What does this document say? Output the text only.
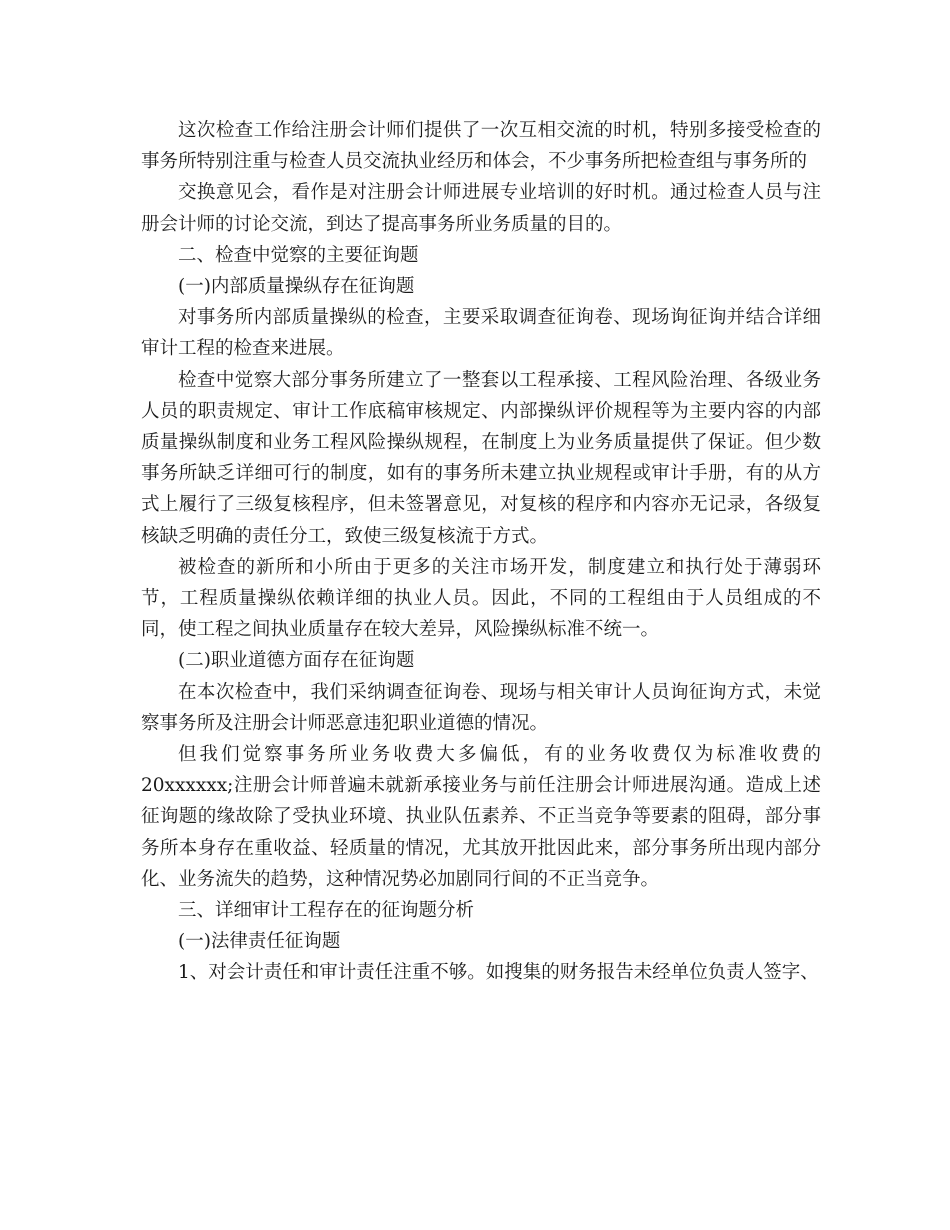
这次检查工作给注册会计师们提供了一次互相交流的时机，特别多接受检查的事务所特别注重与检查人员交流执业经历和体会，不少事务所把检查组与事务所的

交换意见会，看作是对注册会计师进展专业培训的好时机。通过检查人员与注册会计师的讨论交流，到达了提高事务所业务质量的目的。

二、检查中觉察的主要征询题

(一)内部质量操纵存在征询题

对事务所内部质量操纵的检查，主要采取调查征询卷、现场询征询并结合详细审计工程的检查来进展。

检查中觉察大部分事务所建立了一整套以工程承接、工程风险治理、各级业务人员的职责规定、审计工作底稿审核规定、内部操纵评价规程等为主要内容的内部质量操纵制度和业务工程风险操纵规程，在制度上为业务质量提供了保证。但少数事务所缺乏详细可行的制度，如有的事务所未建立执业规程或审计手册，有的从方式上履行了三级复核程序，但未签署意见，对复核的程序和内容亦无记录，各级复核缺乏明确的责任分工，致使三级复核流于方式。

被检查的新所和小所由于更多的关注市场开发，制度建立和执行处于薄弱环节，工程质量操纵依赖详细的执业人员。因此，不同的工程组由于人员组成的不同，使工程之间执业质量存在较大差异，风险操纵标准不统一。

(二)职业道德方面存在征询题

在本次检查中，我们采纳调查征询卷、现场与相关审计人员询征询方式，未觉察事务所及注册会计师恶意违犯职业道德的情况。

但我们觉察事务所业务收费大多偏低，有的业务收费仅为标准收费的20xxxxxx;注册会计师普遍未就新承接业务与前任注册会计师进展沟通。造成上述征询题的缘故除了受执业环境、执业队伍素养、不正当竞争等要素的阻碍，部分事务所本身存在重收益、轻质量的情况，尤其放开批因此来，部分事务所出现内部分化、业务流失的趋势，这种情况势必加剧同行间的不正当竞争。

三、详细审计工程存在的征询题分析

(一)法律责任征询题

1、对会计责任和审计责任注重不够。如搜集的财务报告未经单位负责人签字、
